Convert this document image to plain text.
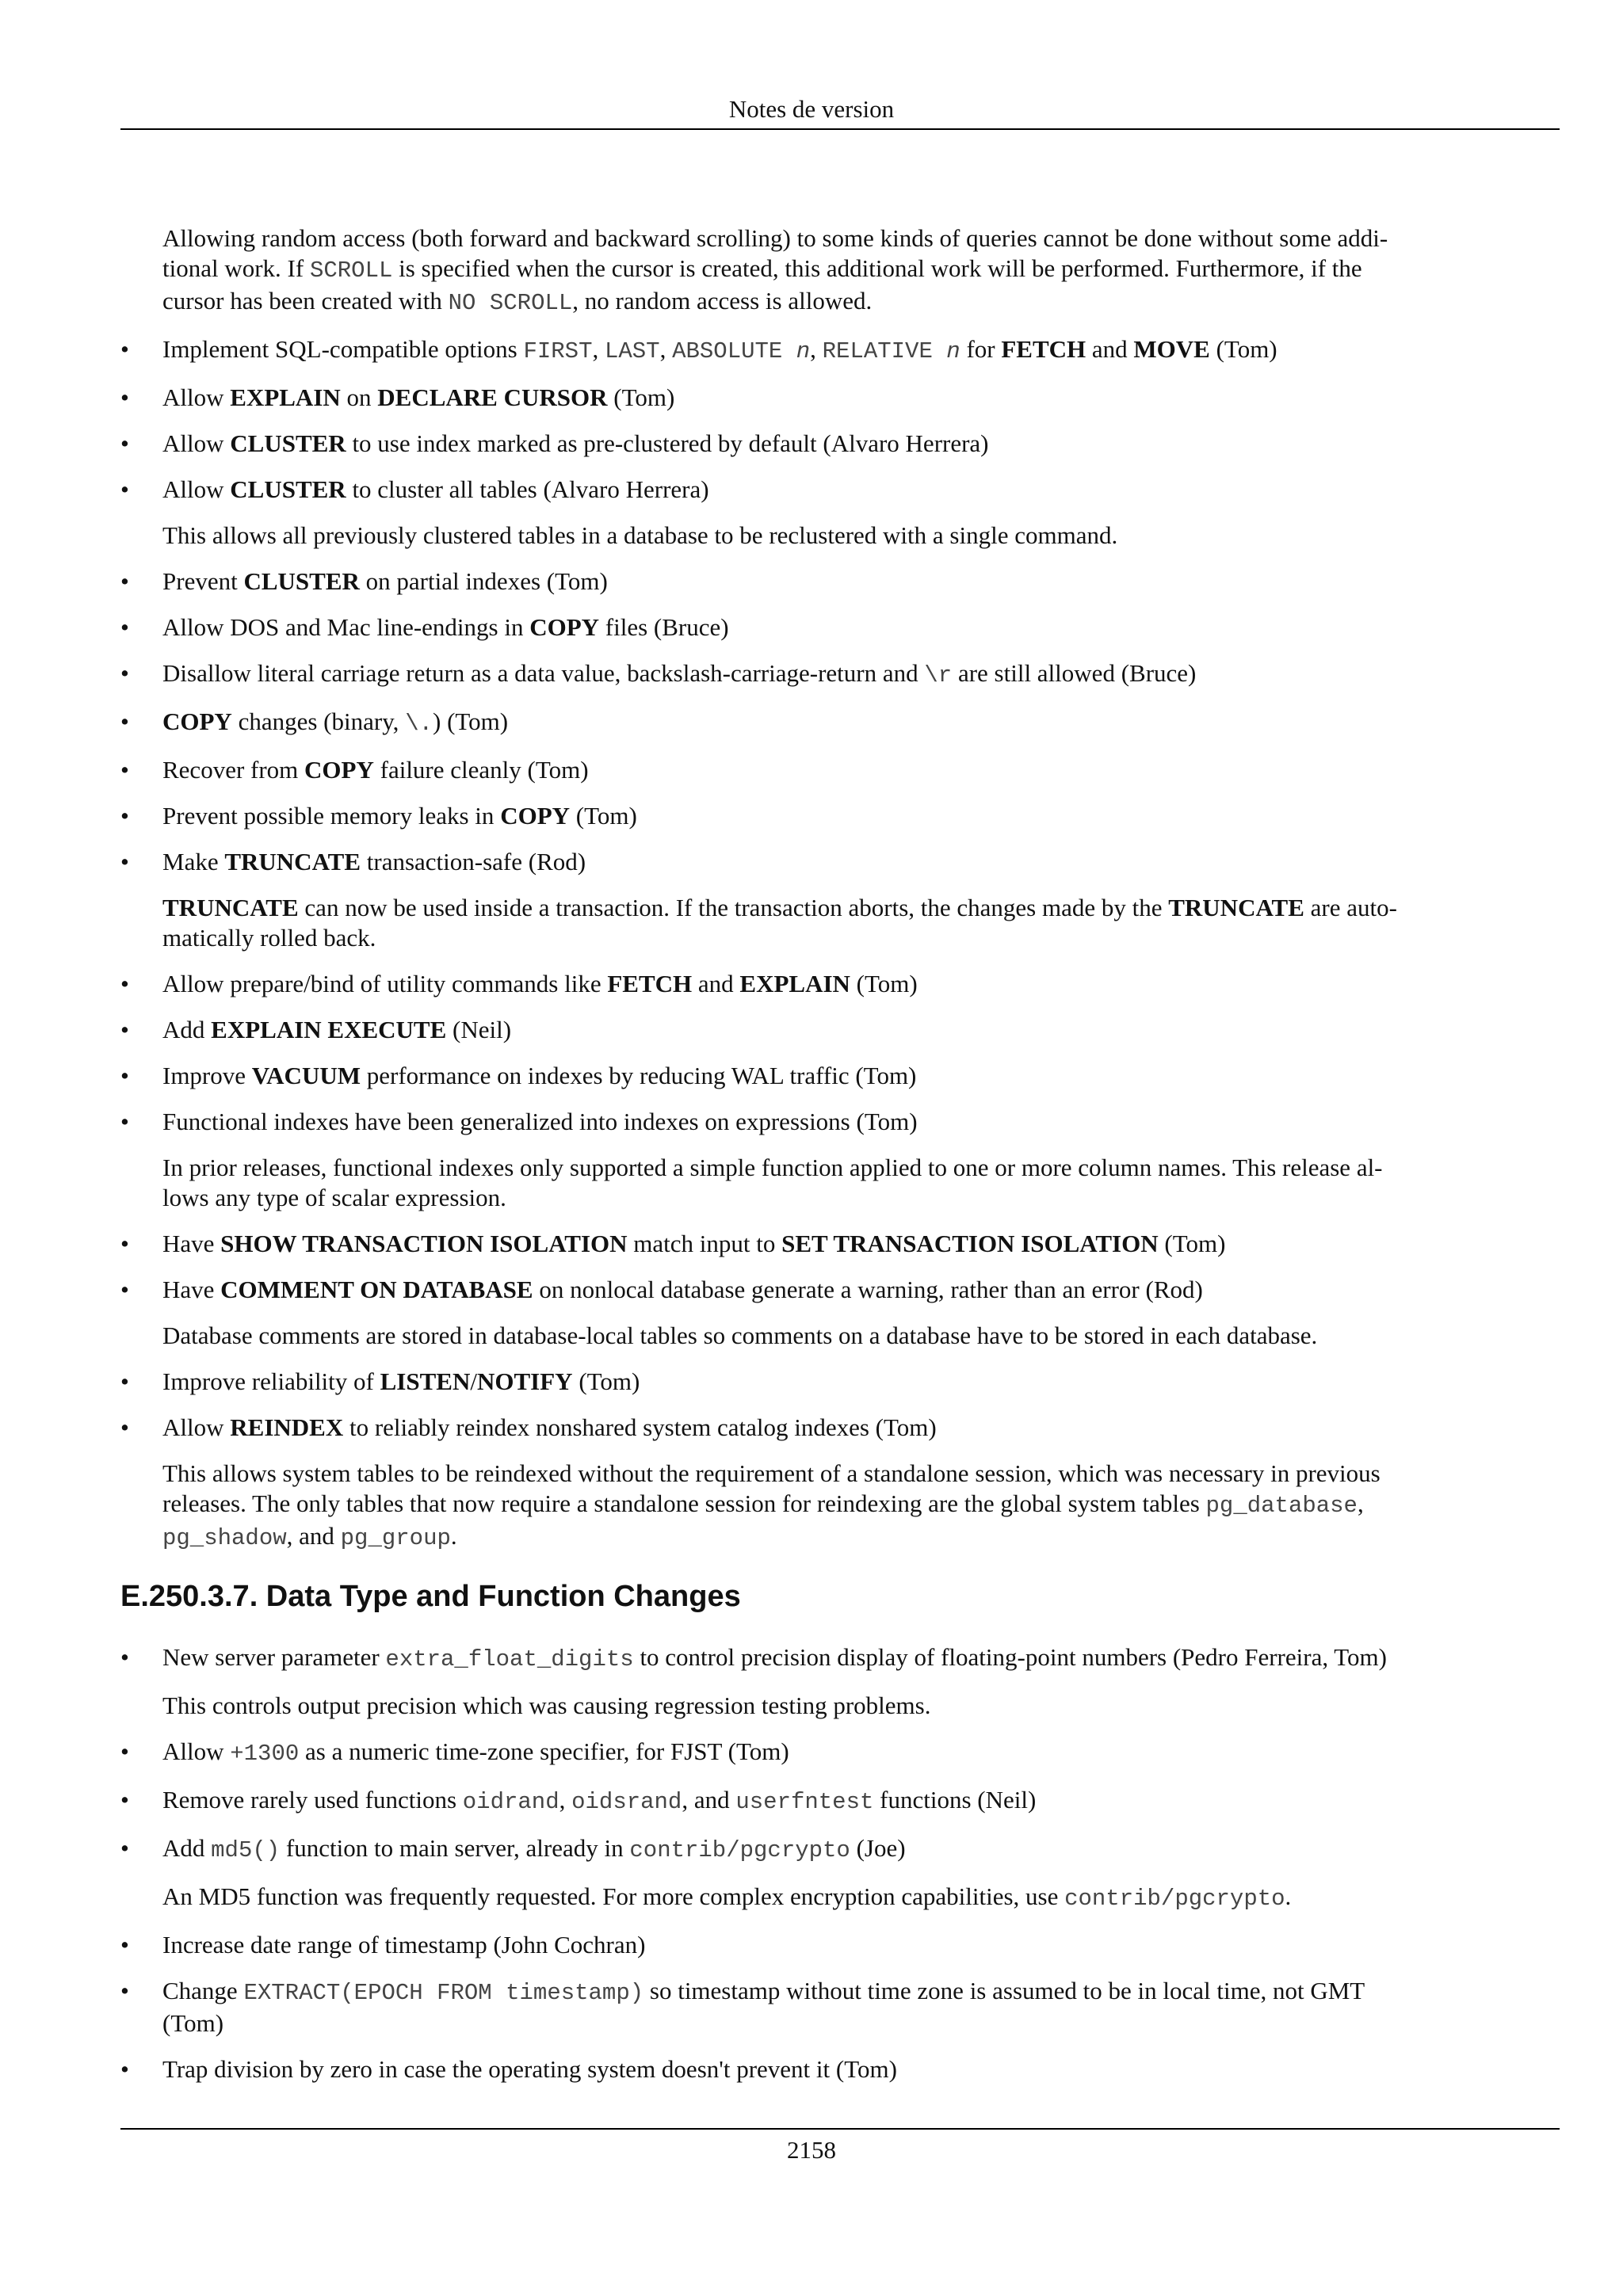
Notes de version

Allowing random access (both forward and backward scrolling) to some kinds of queries cannot be done without some addi-
tional work. If SCROLL is specified when the cursor is created, this additional work will be performed. Furthermore, if the
cursor has been created with NO SCROLL, no random access is allowed.

• Implement SQL-compatible options FIRST, LAST, ABSOLUTE n, RELATIVE n for FETCH and MOVE (Tom)
• Allow EXPLAIN on DECLARE CURSOR (Tom)
• Allow CLUSTER to use index marked as pre-clustered by default (Alvaro Herrera)
• Allow CLUSTER to cluster all tables (Alvaro Herrera)

This allows all previously clustered tables in a database to be reclustered with a single command.

• Prevent CLUSTER on partial indexes (Tom)
• Allow DOS and Mac line-endings in COPY files (Bruce)
• Disallow literal carriage return as a data value, backslash-carriage-return and \r are still allowed (Bruce)
• COPY changes (binary, \.) (Tom)
• Recover from COPY failure cleanly (Tom)
• Prevent possible memory leaks in COPY (Tom)
• Make TRUNCATE transaction-safe (Rod)

TRUNCATE can now be used inside a transaction. If the transaction aborts, the changes made by the TRUNCATE are auto-
matically rolled back.

• Allow prepare/bind of utility commands like FETCH and EXPLAIN (Tom)
• Add EXPLAIN EXECUTE (Neil)
• Improve VACUUM performance on indexes by reducing WAL traffic (Tom)
• Functional indexes have been generalized into indexes on expressions (Tom)

In prior releases, functional indexes only supported a simple function applied to one or more column names. This release al-
lows any type of scalar expression.

• Have SHOW TRANSACTION ISOLATION match input to SET TRANSACTION ISOLATION (Tom)
• Have COMMENT ON DATABASE on nonlocal database generate a warning, rather than an error (Rod)

Database comments are stored in database-local tables so comments on a database have to be stored in each database.

• Improve reliability of LISTEN/NOTIFY (Tom)
• Allow REINDEX to reliably reindex nonshared system catalog indexes (Tom)

This allows system tables to be reindexed without the requirement of a standalone session, which was necessary in previous
releases. The only tables that now require a standalone session for reindexing are the global system tables pg_database,
pg_shadow, and pg_group.

E.250.3.7. Data Type and Function Changes
• New server parameter extra_float_digits to control precision display of floating-point numbers (Pedro Ferreira, Tom)

This controls output precision which was causing regression testing problems.

• Allow +1300 as a numeric time-zone specifier, for FJST (Tom)
• Remove rarely used functions oidrand, oidsrand, and userfntest functions (Neil)
• Add md5() function to main server, already in contrib/pgcrypto (Joe)

An MD5 function was frequently requested. For more complex encryption capabilities, use contrib/pgcrypto.

• Increase date range of timestamp (John Cochran)
• Change EXTRACT(EPOCH FROM timestamp) so timestamp without time zone is assumed to be in local time, not GMT
(Tom)
• Trap division by zero in case the operating system doesn't prevent it (Tom)
2158
